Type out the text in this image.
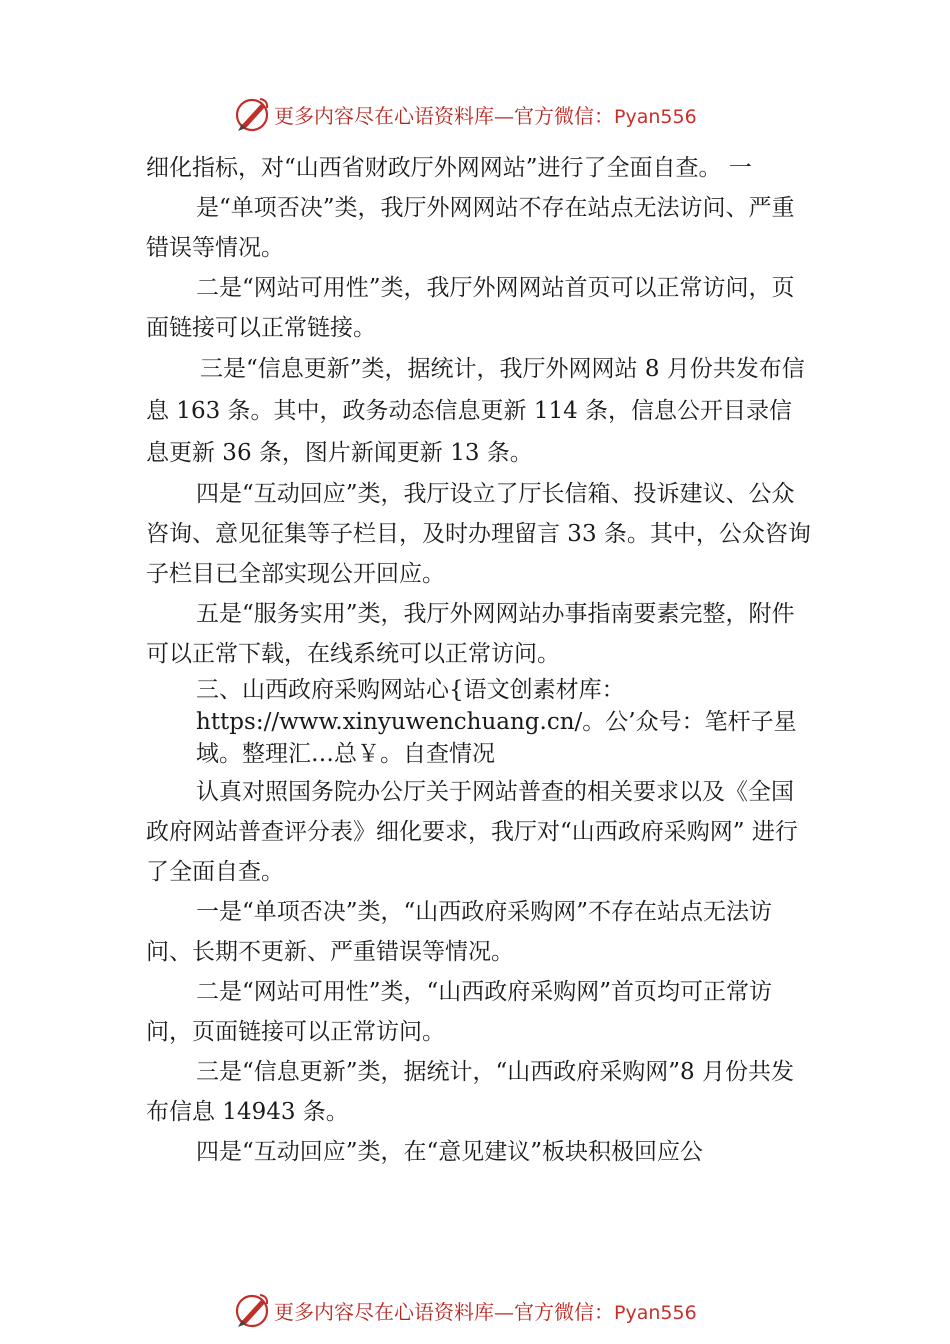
更多内容尽在心语资料库—官方微信：Pyan556

细化指标，对“山西省财政厅外网网站”进行了全面自查。 一

是“单项否决”类，我厅外网网站不存在站点无法访问、严重错误等情况。

二是“网站可用性”类，我厅外网网站首页可以正常访问，页面链接可以正常链接。

三是“信息更新”类，据统计，我厅外网网站 8 月份共发布信息 163 条。其中，政务动态信息更新 114 条，信息公开目录信息更新 36 条，图片新闻更新 13 条。

四是“互动回应”类，我厅设立了厅长信箱、投诉建议、公众咨询、意见征集等子栏目，及时办理留言 33 条。其中，公众咨询子栏目已全部实现公开回应。

五是“服务实用”类，我厅外网网站办事指南要素完整，附件可以正常下载，在线系统可以正常访问。

三、山西政府采购网站心{语文创素材库：https://www.xinyuwenchuang.cn/。公’众号：笔杆子星域。整理汇…总￥。自查情况

认真对照国务院办公厅关于网站普查的相关要求以及《全国政府网站普查评分表》细化要求，我厅对“山西政府采购网” 进行了全面自查。

一是“单项否决”类，“山西政府采购网”不存在站点无法访问、长期不更新、严重错误等情况。

二是“网站可用性”类，“山西政府采购网”首页均可正常访问，页面链接可以正常访问。

三是“信息更新”类，据统计，“山西政府采购网”8 月份共发布信息 14943 条。

四是“互动回应”类，在“意见建议”板块积极回应公

更多内容尽在心语资料库—官方微信：Pyan556
